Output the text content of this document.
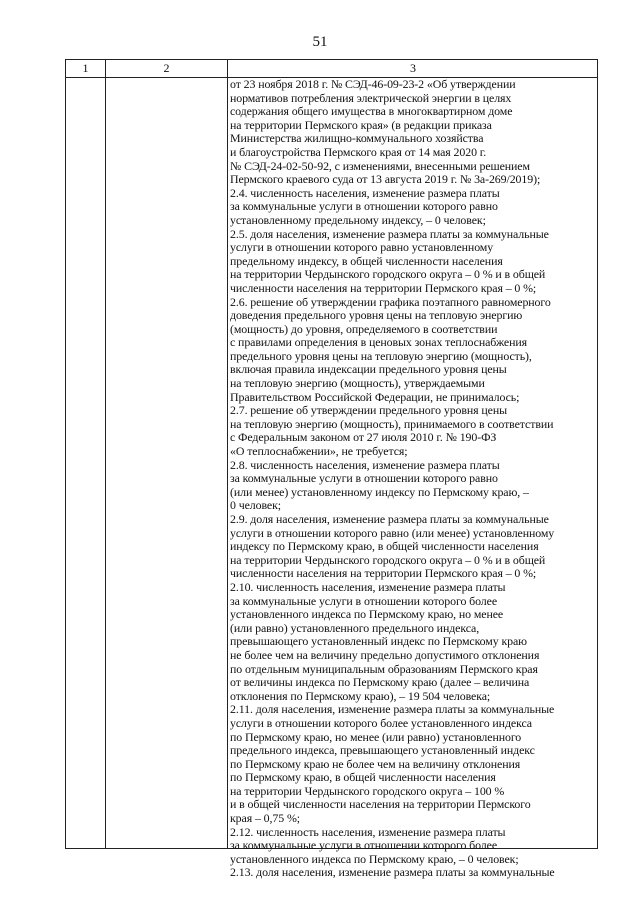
51
1	2	3
от 23 ноября 2018 г. № СЭД-46-09-23-2 «Об утверждении
нормативов потребления электрической энергии в целях
содержания общего имущества в многоквартирном доме
на территории Пермского края» (в редакции приказа
Министерства жилищно-коммунального хозяйства
и благоустройства Пермского края от 14 мая 2020 г.
№ СЭД-24-02-50-92, с изменениями, внесенными решением
Пермского краевого суда от 13 августа 2019 г. № 3а-269/2019);
2.4. численность населения, изменение размера платы
за коммунальные услуги в отношении которого равно
установленному предельному индексу, – 0 человек;
2.5. доля населения, изменение размера платы за коммунальные
услуги в отношении которого равно установленному
предельному индексу, в общей численности населения
на территории Чердынского городского округа – 0 % и в общей
численности населения на территории Пермского края – 0 %;
2.6. решение об утверждении графика поэтапного равномерного
доведения предельного уровня цены на тепловую энергию
(мощность) до уровня, определяемого в соответствии
с правилами определения в ценовых зонах теплоснабжения
предельного уровня цены на тепловую энергию (мощность),
включая правила индексации предельного уровня цены
на тепловую энергию (мощность), утверждаемыми
Правительством Российской Федерации, не принималось;
2.7. решение об утверждении предельного уровня цены
на тепловую энергию (мощность), принимаемого в соответствии
с Федеральным законом от 27 июля 2010 г. № 190-ФЗ
«О теплоснабжении», не требуется;
2.8. численность населения, изменение размера платы
за коммунальные услуги в отношении которого равно
(или менее) установленному индексу по Пермскому краю, –
0 человек;
2.9. доля населения, изменение размера платы за коммунальные
услуги в отношении которого равно (или менее) установленному
индексу по Пермскому краю, в общей численности населения
на территории Чердынского городского округа – 0 % и в общей
численности населения на территории Пермского края – 0 %;
2.10. численность населения, изменение размера платы
за коммунальные услуги в отношении которого более
установленного индекса по Пермскому краю, но менее
(или равно) установленного предельного индекса,
превышающего установленный индекс по Пермскому краю
не более чем на величину предельно допустимого отклонения
по отдельным муниципальным образованиям Пермского края
от величины индекса по Пермскому краю (далее – величина
отклонения по Пермскому краю), – 19 504 человека;
2.11. доля населения, изменение размера платы за коммунальные
услуги в отношении которого более установленного индекса
по Пермскому краю, но менее (или равно) установленного
предельного индекса, превышающего установленный индекс
по Пермскому краю не более чем на величину отклонения
по Пермскому краю, в общей численности населения
на территории Чердынского городского округа – 100 %
и в общей численности населения на территории Пермского
края – 0,75 %;
2.12. численность населения, изменение размера платы
за коммунальные услуги в отношении которого более
установленного индекса по Пермскому краю, – 0 человек;
2.13. доля населения, изменение размера платы за коммунальные
